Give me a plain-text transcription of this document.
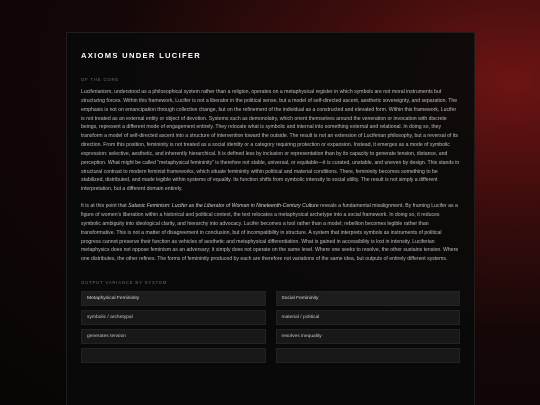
AXIOMS UNDER LUCIFER
OF THE CORE

Luciferianism, understood as a philosophical system rather than a religion, operates on a metaphysical register in which symbols are not moral instruments but structuring forces. Within this framework, Lucifer is not a liberator in the political sense, but a model of self-directed ascent, aesthetic sovereignty, and separation. The emphasis is not on emancipation through collective change, but on the refinement of the individual as a constructed and elevated form. Within this framework, Lucifer is not treated as an external entity or object of devotion. Systems such as demonolatry, which orient themselves around the veneration or invocation with discrete beings, represent a different mode of engagement entirely. They relocate what is symbolic and internal into something external and relational. In doing so, they transform a model of self-directed ascent into a structure of intervention toward the outside. The result is not an extension of Luciferian philosophy, but a reversal of its direction. From this position, femininity is not treated as a social identity or a category requiring protection or expansion. Instead, it emerges as a mode of symbolic expression: selective, aesthetic, and inherently hierarchical. It is defined less by inclusion or representation than by its capacity to generate tension, distance, and perception. What might be called “metaphysical femininity” is therefore not stable, universal, or equitable—it is curated, unstable, and uneven by design. This stands in structural contrast to modern feminist frameworks, which situate femininity within political and material conditions. There, femininity becomes something to be stabilized, distributed, and made legible within systems of equality. Its function shifts from symbolic intensity to social utility. The result is not simply a different interpretation, but a different domain entirely.

It is at this point that Satanic Feminism: Lucifer as the Liberator of Woman in Nineteenth-Century Culture reveals a fundamental misalignment. By framing Lucifer as a figure of women’s liberation within a historical and political context, the text relocates a metaphysical archetype into a social framework. In doing so, it reduces symbolic ambiguity into ideological clarity, and hierarchy into advocacy. Lucifer becomes a tool rather than a model; rebellion becomes legible rather than transformative. This is not a matter of disagreement in conclusion, but of incompatibility in structure. A system that interprets symbols as instruments of political progress cannot preserve their function as vehicles of aesthetic and metaphysical differentiation. What is gained in accessibility is lost in intensity. Luciferian metaphysics does not oppose feminism as an adversary; it simply does not operate on the same level. Where one seeks to resolve, the other sustains tension. Where one distributes, the other refines. The forms of femininity produced by each are therefore not variations of the same idea, but outputs of entirely different systems.

OUTPUT VARIANCE BY SYSTEM
Metaphysical Femininity	Social Femininity
symbolic / archetypal	material / political
generates tension	resolves inequality
